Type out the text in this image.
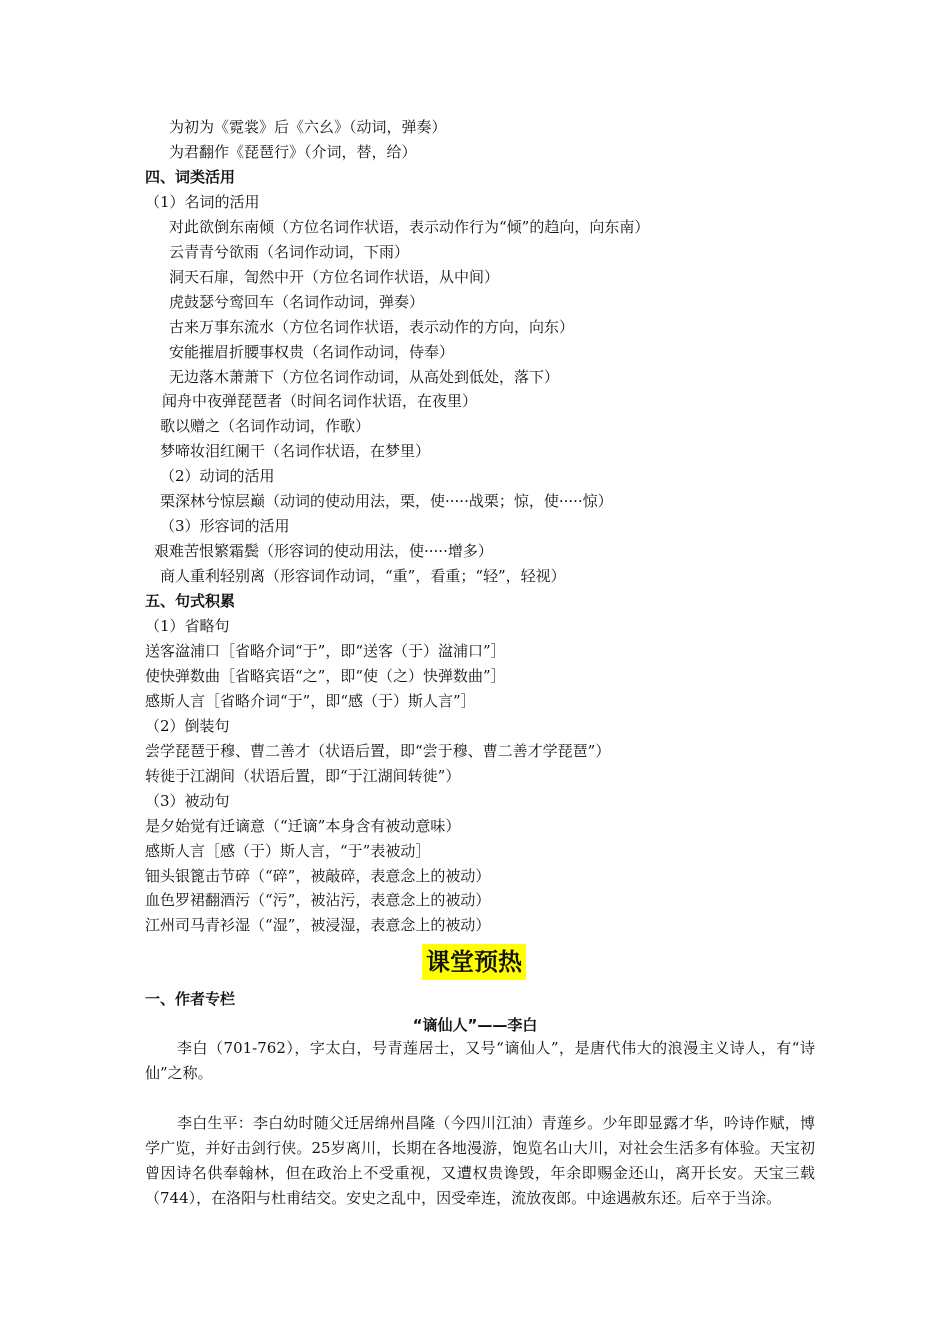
为初为《霓裳》后《六幺》（动词，弹奏）
为君翻作《琵琶行》（介词，替，给）
四、词类活用
（1）名词的活用
对此欲倒东南倾（方位名词作状语，表示动作行为“倾”的趋向，向东南）
云青青兮欲雨（名词作动词，下雨）
洞天石扉，訇然中开（方位名词作状语，从中间）
虎鼓瑟兮鸾回车（名词作动词，弹奏）
古来万事东流水（方位名词作状语，表示动作的方向，向东）
安能摧眉折腰事权贵（名词作动词，侍奉）
无边落木萧萧下（方位名词作动词，从高处到低处，落下）
闻舟中夜弹琵琶者（时间名词作状语，在夜里）
歌以赠之（名词作动词，作歌）
梦啼妆泪红阑干（名词作状语，在梦里）
（2）动词的活用
栗深林兮惊层巅（动词的使动用法，栗，使·····战栗；惊，使·····惊）
（3）形容词的活用
艰难苦恨繁霜鬓（形容词的使动用法，使·····增多）
商人重利轻别离（形容词作动词，“重”，看重；“轻”，轻视）
五、句式积累
（1）省略句
送客湓浦口［省略介词“于”，即“送客（于）湓浦口”］
使快弹数曲［省略宾语“之”，即“使（之）快弹数曲”］
感斯人言［省略介词“于”，即“感（于）斯人言”］
（2）倒装句
尝学琵琶于穆、曹二善才（状语后置，即“尝于穆、曹二善才学琵琶”）
转徙于江湖间（状语后置，即“于江湖间转徙”）
（3）被动句
是夕始觉有迁谪意（“迁谪”本身含有被动意味）
感斯人言［感（于）斯人言，“于”表被动］
钿头银篦击节碎（“碎”，被敲碎，表意念上的被动）
血色罗裙翻酒污（“污”，被沾污，表意念上的被动）
江州司马青衫湿（“湿”，被浸湿，表意念上的被动）
课堂预热
一、作者专栏
“谪仙人”——李白

李白（701-762），字太白，号青莲居士，又号“谪仙人”，是唐代伟大的浪漫主义诗人，有“诗仙”之称。

李白生平：李白幼时随父迁居绵州昌隆（今四川江油）青莲乡。少年即显露才华，吟诗作赋，博学广览，并好击剑行侠。25岁离川，长期在各地漫游，饱览名山大川，对社会生活多有体验。天宝初曾因诗名供奉翰林，但在政治上不受重视，又遭权贵谗毁，年余即赐金还山，离开长安。天宝三载（744），在洛阳与杜甫结交。安史之乱中，因受牵连，流放夜郎。中途遇赦东还。后卒于当涂。
